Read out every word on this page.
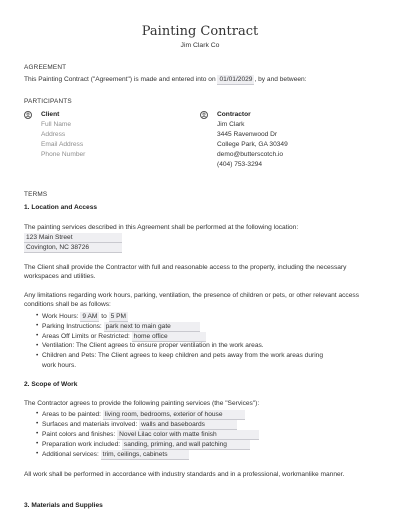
Painting Contract
Jim Clark Co
AGREEMENT
This Painting Contract ("Agreement") is made and entered into on 01/01/2029 , by and between:
PARTICIPANTS
Client
Full Name
Address
Email Address
Phone Number
Contractor
Jim Clark
3445 Ravenwood Dr
College Park, GA 30349
demo@butterscotch.io
(404) 753-3294
TERMS
1. Location and Access
The painting services described in this Agreement shall be performed at the following location:
123 Main Street
Covington, NC 38726
The Client shall provide the Contractor with full and reasonable access to the property, including the necessary workspaces and utilities.
Any limitations regarding work hours, parking, ventilation, the presence of children or pets, or other relevant access conditions shall be as follows:
• Work Hours: 9 AM to 5 PM
• Parking Instructions: park next to main gate
• Areas Off Limits or Restricted: home office
• Ventilation: The Client agrees to ensure proper ventilation in the work areas.
• Children and Pets: The Client agrees to keep children and pets away from the work areas during
work hours.
2. Scope of Work
The Contractor agrees to provide the following painting services (the "Services"):
• Areas to be painted: living room, bedrooms, exterior of house
• Surfaces and materials involved: walls and baseboards
• Paint colors and finishes: Novel Lilac color with matte finish
• Preparation work included: sanding, priming, and wall patching
• Additional services: trim, ceilings, cabinets
All work shall be performed in accordance with industry standards and in a professional, workmanlike manner.
3. Materials and Supplies
